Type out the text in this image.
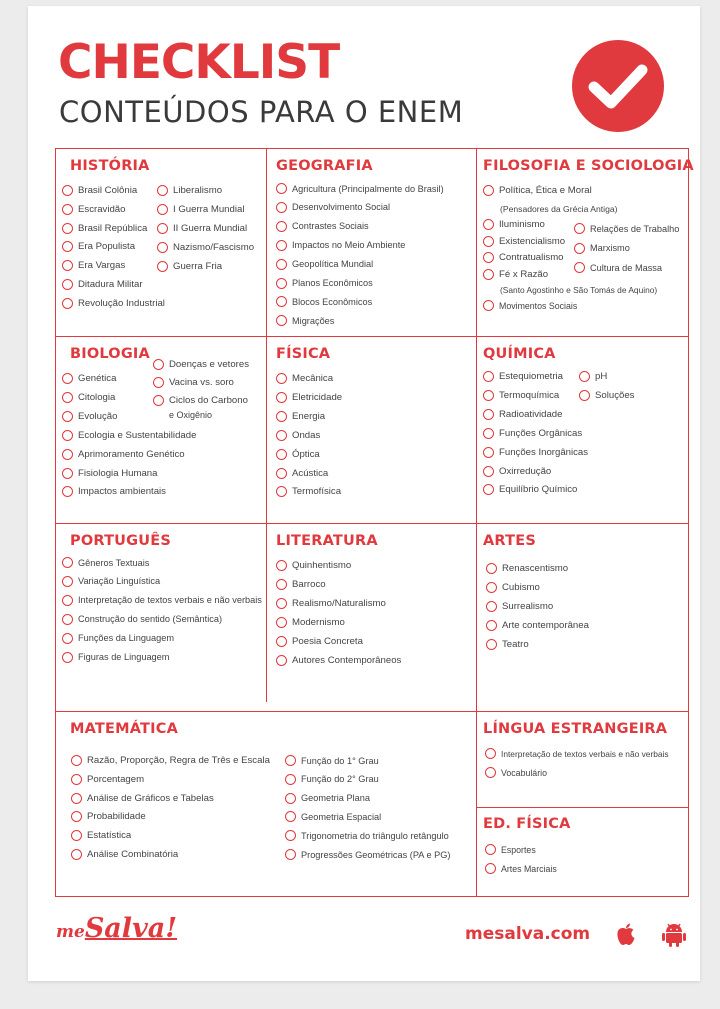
CHECKLIST
CONTEÚDOS PARA O ENEM
HISTÓRIA
Brasil Colônia
Escravidão
Brasil República
Era Populista
Era Vargas
Ditadura Militar
Revolução Industrial
Liberalismo
I Guerra Mundial
II Guerra Mundial
Nazismo/Fascismo
Guerra Fria
GEOGRAFIA
Agricultura (Principalmente do Brasil)
Desenvolvimento Social
Contrastes Sociais
Impactos no Meio Ambiente
Geopolítica Mundial
Planos Econômicos
Blocos Econômicos
Migrações
FILOSOFIA E SOCIOLOGIA
Política, Ética e Moral
(Pensadores da Grécia Antiga)
Iluminismo
Existencialismo
Contratualismo
Fé x Razão
(Santo Agostinho e São Tomás de Aquino)
Movimentos Sociais
Relações de Trabalho
Marxismo
Cultura de Massa
BIOLOGIA
Genética
Citologia
Evolução
Ecologia e Sustentabilidade
Aprimoramento Genético
Fisiologia Humana
Impactos ambientais
Doenças e vetores
Vacina vs. soro
Ciclos do Carbono
e Oxigênio
FÍSICA
Mecânica
Eletricidade
Energia
Ondas
Óptica
Acústica
Termofísica
QUÍMICA
Estequiometria
Termoquímica
Radioatividade
Funções Orgânicas
Funções Inorgânicas
Oxirredução
Equilíbrio Químico
pH
Soluções
PORTUGUÊS
Gêneros Textuais
Variação Linguística
Interpretação de textos verbais e não verbais
Construção do sentido (Semântica)
Funções da Linguagem
Figuras de Linguagem
LITERATURA
Quinhentismo
Barroco
Realismo/Naturalismo
Modernismo
Poesia Concreta
Autores Contemporâneos
ARTES
Renascentismo
Cubismo
Surrealismo
Arte contemporânea
Teatro
MATEMÁTICA
Razão, Proporção, Regra de Três e Escala
Porcentagem
Análise de Gráficos e Tabelas
Probabilidade
Estatística
Análise Combinatória
Função do 1° Grau
Função do 2° Grau
Geometria Plana
Geometria Espacial
Trigonometria do triângulo retângulo
Progressões Geométricas (PA e PG)
LÍNGUA ESTRANGEIRA
Interpretação de textos verbais e não verbais
Vocabulário
ED. FÍSICA
Esportes
Artes Marciais
meSalva!	mesalva.com
